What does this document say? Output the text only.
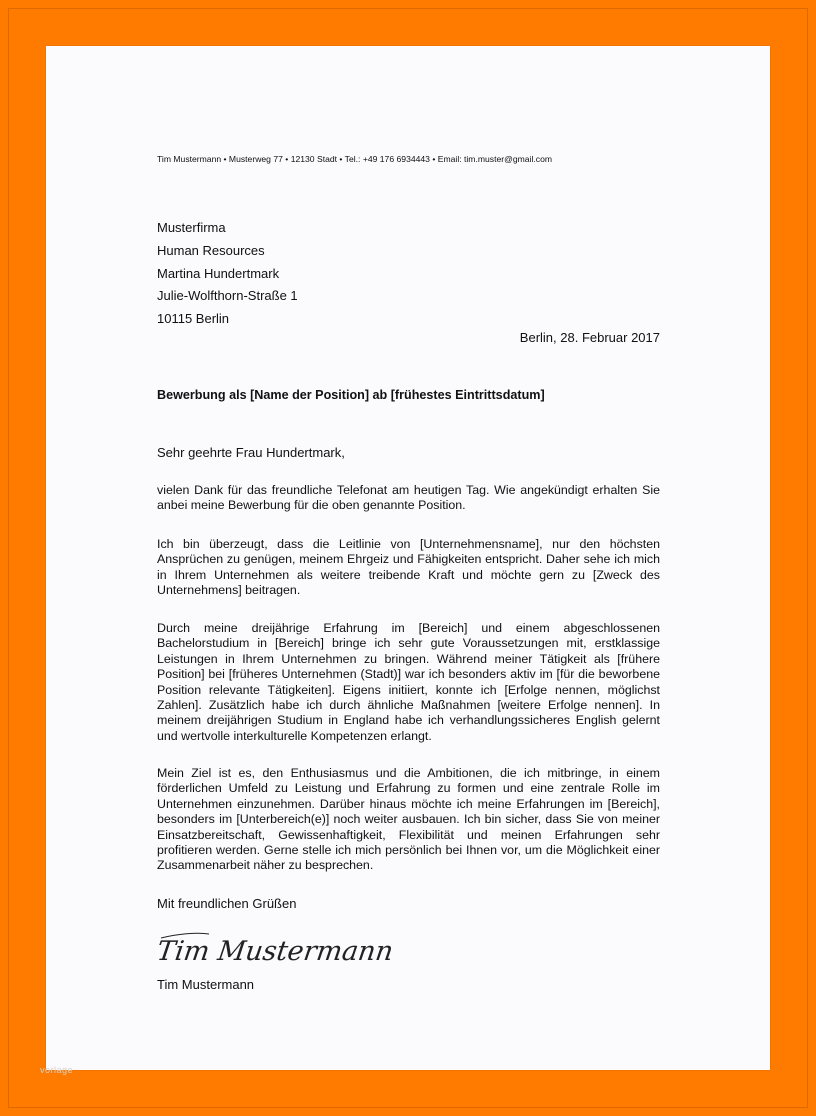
Tim Mustermann • Musterweg 77 • 12130 Stadt • Tel.: +49 176 6934443 • Email: tim.muster@gmail.com
Musterfirma
Human Resources
Martina Hundertmark
Julie-Wolfthorn-Straße 1
10115 Berlin
Berlin, 28. Februar 2017
Bewerbung als [Name der Position] ab [frühestes Eintrittsdatum]
Sehr geehrte Frau Hundertmark,

vielen Dank für das freundliche Telefonat am heutigen Tag. Wie angekündigt erhalten Sie anbei meine Bewerbung für die oben genannte Position.

Ich bin überzeugt, dass die Leitlinie von [Unternehmensname], nur den höchsten Ansprüchen zu genügen, meinem Ehrgeiz und Fähigkeiten entspricht. Daher sehe ich mich in Ihrem Unternehmen als weitere treibende Kraft und möchte gern zu [Zweck des Unternehmens] beitragen.

Durch meine dreijährige Erfahrung im [Bereich] und einem abgeschlossenen Bachelorstudium in [Bereich] bringe ich sehr gute Voraussetzungen mit, erstklassige Leistungen in Ihrem Unternehmen zu bringen. Während meiner Tätigkeit als [frühere Position] bei [früheres Unternehmen (Stadt)] war ich besonders aktiv im [für die beworbene Position relevante Tätigkeiten]. Eigens initiiert, konnte ich [Erfolge nennen, möglichst Zahlen]. Zusätzlich habe ich durch ähnliche Maßnahmen [weitere Erfolge nennen]. In meinem dreijährigen Studium in England habe ich verhandlungssicheres English gelernt und wertvolle interkulturelle Kompetenzen erlangt.

Mein Ziel ist es, den Enthusiasmus und die Ambitionen, die ich mitbringe, in einem förderlichen Umfeld zu Leistung und Erfahrung zu formen und eine zentrale Rolle im Unternehmen einzunehmen. Darüber hinaus möchte ich meine Erfahrungen im [Bereich], besonders im [Unterbereich(e)] noch weiter ausbauen. Ich bin sicher, dass Sie von meiner Einsatzbereitschaft, Gewissenhaftigkeit, Flexibilität und meinen Erfahrungen sehr profitieren werden. Gerne stelle ich mich persönlich bei Ihnen vor, um die Möglichkeit einer Zusammenarbeit näher zu besprechen.

Mit freundlichen Grüßen
Tim Mustermann
Tim Mustermann
vorlage
